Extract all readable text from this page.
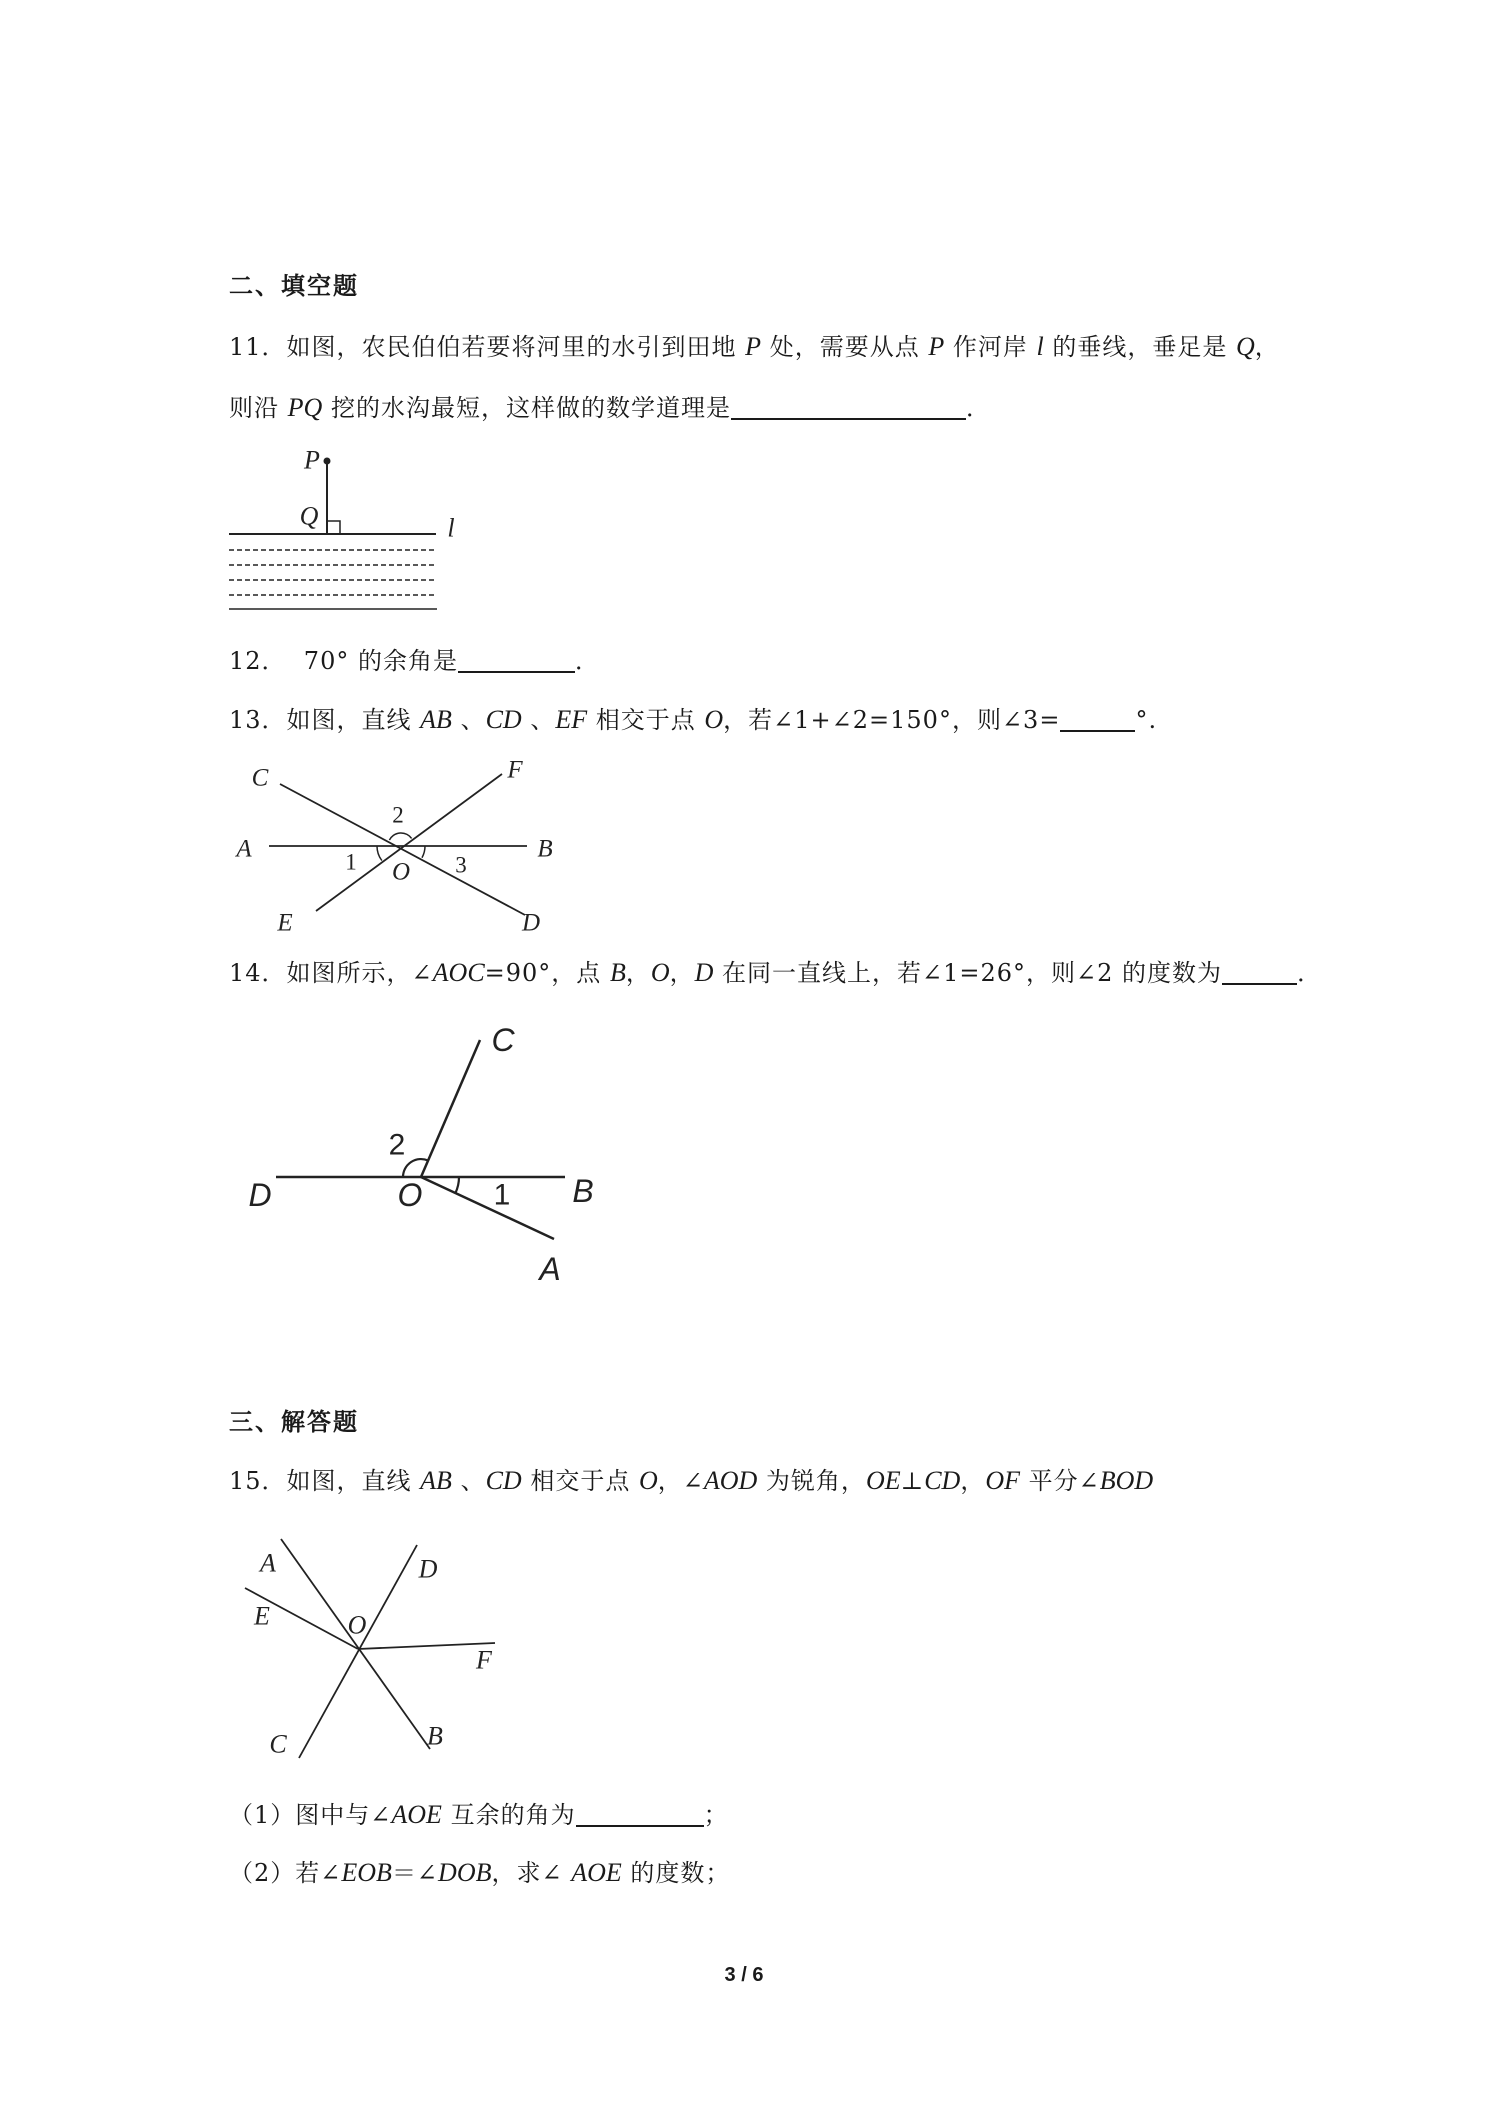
二、填空题
11．如图，农民伯伯若要将河里的水引到田地 P 处，需要从点 P 作河岸 l 的垂线，垂足是 Q，
则沿 PQ 挖的水沟最短，这样做的数学道理是	．
P
Q	l
12．  70° 的余角是	．
13．如图，直线 AB 、CD 、EF 相交于点 O，若∠1+∠2=150°，则∠3=	°.
C	F
A	B
E	D
O
1
2
3
14．如图所示，∠AOC=90°，点 B，O，D 在同一直线上，若∠1=26°，则∠2 的度数为	．
C
D	O	B
A
2
1
三、解答题
15．如图，直线 AB 、CD 相交于点 O，∠AOD 为锐角，OE⊥CD，OF 平分∠BOD
A	D
E	O
F
C	B
（1）图中与∠AOE 互余的角为	；
（2）若∠EOB＝∠DOB，求∠ AOE 的度数；
3 / 6
